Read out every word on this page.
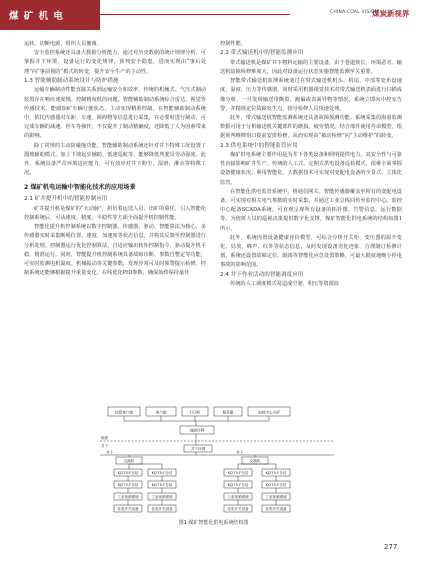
煤 矿 机 电	CHINA COAL VISION
煤炭新视界

运转、切断电源，组织人员撤离。

安全监控系统还具备大数据分析能力，通过对历史数据的统计规律分析，可掌握井下环境、设备运行的变化规律，预判安全隐患，进而实现由“事后处理”向“事前预防”模式的转变，提升安全生产的主动性。

1.3 智能辅助制动系统设计与防护措施

运输车辆制动性能直接关系到运输安全和效率，传统的机械式、气压式制动装置存在响应速度慢、控制精度低的问题。智能辅助制动系统综合雷达、视觉等传感技术，能感知矿车辆行驶状态，主动实现精准控制。在智能辅助制动系统中，依托传感器对车距、车速、障碍物等信息进行采集，在必要时进行制动，可完成车辆的减速、停车等操作，不仅提升了制动精确度，还降低了人为因素带来的影响。

除了常规的主动防碰撞功能，智能辅助制动系统还针对井下特殊工况设置了溜坡辅助模式，加上下坡起步辅助、低速巡航等，能够降低驾驶员劳动强度。此外，系统具备严苛环境适应能力，可有效应对井下粉尘、湿滑、淋水等特殊工况。

2 煤矿机电运输中智能化技术的应用场景
2.1 矿井提升机中的智能控制应用

矿井提升机是煤矿的“大动脉”，担负着运送人员、出矿的重任，引入智能化控制系统后，可从速度、精度、平稳性等方面全面提升机控制性能。

智能化提升机控制系统以数字控制器、传感器、驱动、智能算法为核心，多传感器实时采集断绳位置、速度、加速度等状态信息，并将其反馈至控制器进行分析处理。控制器运行优化控制算法，自适应输出转矩控制指令，驱动提升机平稳、精准运行。同时，智能提升机控制系统具备故障诊断、参数自整定等功能，可实时监测电机温度、机械振动等关键参数，发现异常可及时预警提示检修。控制系统还能够根据提升重量变化，在线优化PID参数，确保始终保持最佳

控制性能。

2.2 带式输送机中的智能监测应用

带式输送机是煤矿井下物料运输的主要设备，由于巷道狭长、环境恶劣、输送机故障检修难度大，因此对设备运行状态实施智能监测至关重要。

智能带式输送机监测系统通过在带式输送机机头、机尾、中部等处布设速度、温度、压力等传感器，同时采用机器视觉技术对带式输送机表面进行扫描成像分析，一旦发现输送带撕裂、跑偏或表面异物等情况，系统立即向中控室告警，并精准定位故障发生点，指导检修人员快速处理。

此外，带式输送机智能监测系统还具备故障预测功能。系统采集的海量监测数据可用于分析输送机关键部件的磨损、疲劳情况，结合部件使用寿命模型，根据预判维修窗口提前安排检修，从而实现由“被动检修”向“主动维护”的转变。

2.3 供电系统中的智能监管应用

煤矿供电系统主要作用是为井下各类设备和照明提供电力，其安全性与可靠性直接影响矿井生产。传统的人工式、定期式供电设备巡检模式，很难全面掌握设备健康状况，利用智能化，大数据技术可实现对变配电设备的全景式、立体化监管。

在智能化供电监管系统中，将通信网关、智能传感器覆盖至所有的变配电设备，可实现对相关电气参数的实时采集，并通过工业总线回传至监控中心。监控中心配备SCADA系统，可直观呈现所有设备的拓扑图、告警信息、运行数据等，为值班人员的巡视决策提供数字化支撑。煤矿智能化供电系统的结构如图1所示。

此外，系统内置设备健康评价模型，可综合分析开关柜、变压器的温升变化、局放、峰声、红外等状态信息，及时发现设备劣化迹象，合理制订检修计划。系统还设置故障定位、隔离等智能化应急处置策略，可最大限度地缩小停电事故的影响范围。

2.4 井下作业活动的智能调度应用

传统的人工调度模式易造成空驶、积压等资源浪

远程客户端	客户端	打印机	服务器	监控中心大屏
地面环网
井下环网
交换机	交换机
KJ275-F分站
KJ275-F分站
工业视频系统
各类开关设备
KJ275-F分站
KJ275-F分站
工业视频系统
各类开关设备
KJ275-F分站
KJ275-F分站
工业视频系统
各类开关设备
KJ275-F分站
KJ275-F分站
工业视频系统
各类开关设备
地面
井下
井下	井下
图1 煤矿智能化供电系统结构图
277
